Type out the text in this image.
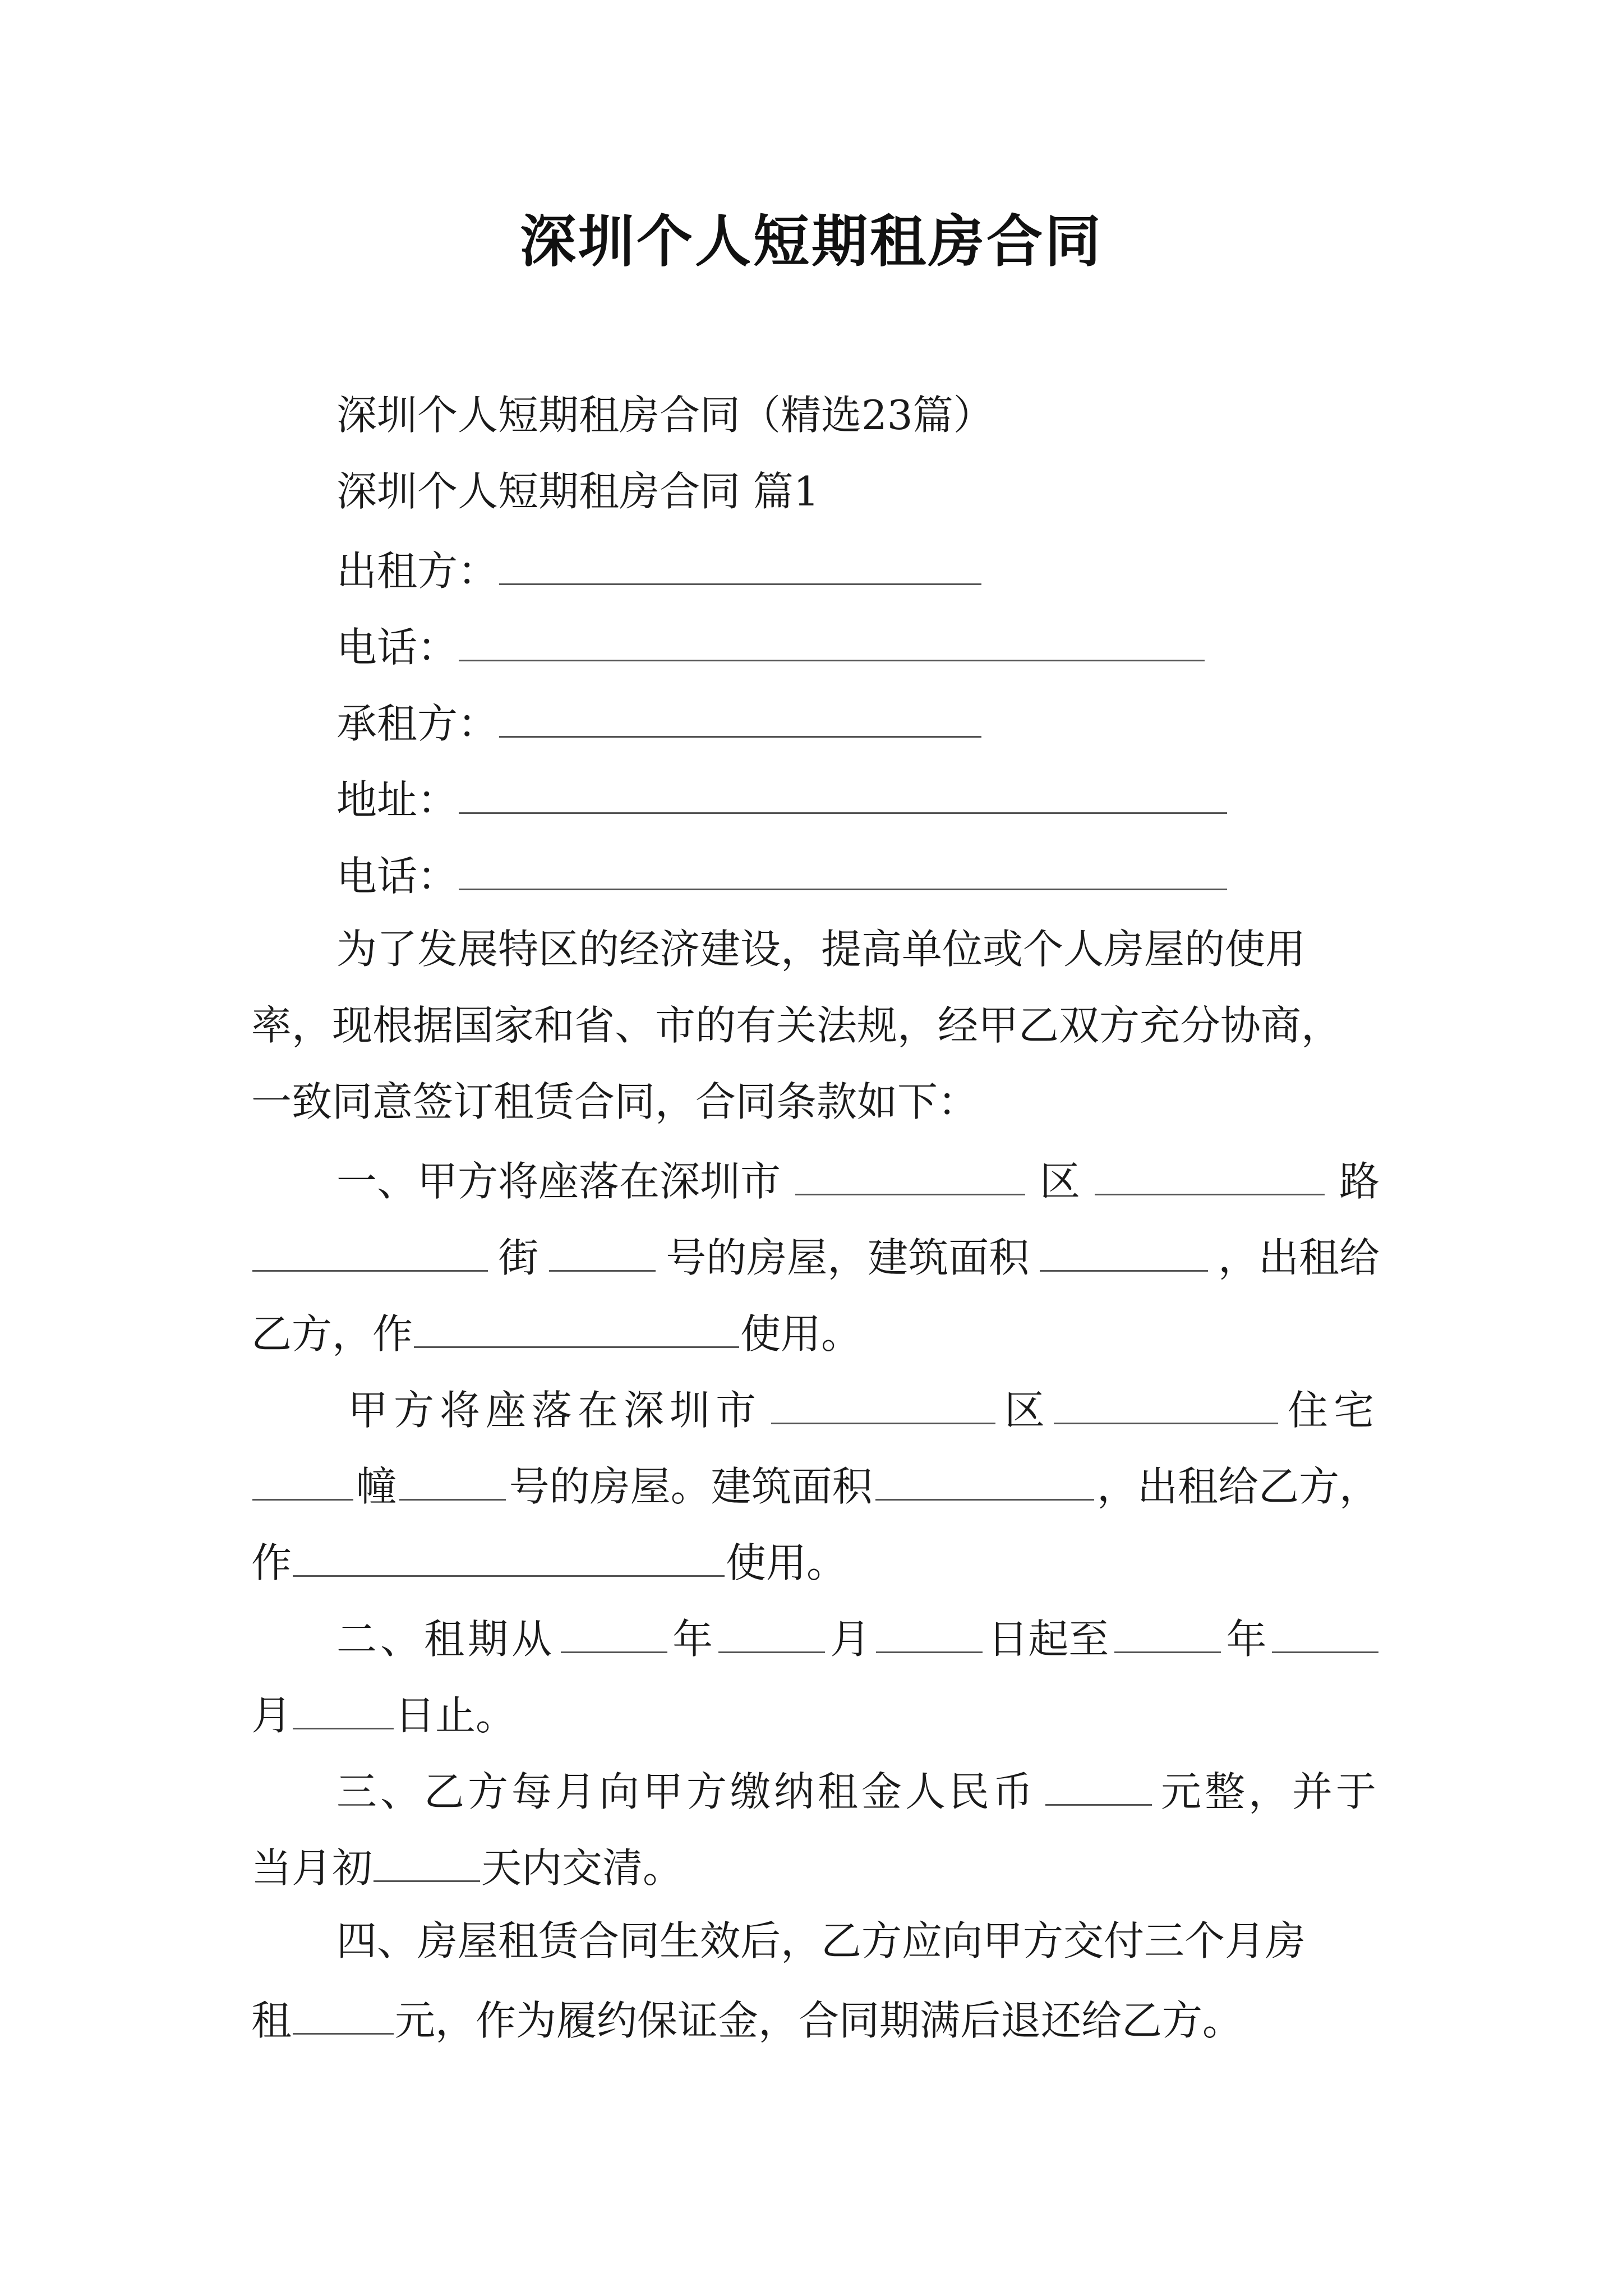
深圳个人短期租房合同
深圳个人短期租房合同（精选23篇）
深圳个人短期租房合同 篇1
出租方：
电话：
承租方：
地址：
电话：
为了发展特区的经济建设，提高单位或个人房屋的使用
率，现根据国家和省、市的有关法规，经甲乙双方充分协商，
一致同意签订租赁合同，合同条款如下：
一、甲方将座落在深圳市	区	路
街	号的房屋，建筑面积	，出租给
乙方，作	使用。
甲方将座落在深圳市	区	住宅
幢	号的房屋。建筑面积	，出租给乙方，
作	使用。
二、租期从	年	月	日起至	年
月	日止。
三、乙方每月向甲方缴纳租金人民币	元整，并于
当月初	天内交清。
四、房屋租赁合同生效后，乙方应向甲方交付三个月房
租	元，作为履约保证金，合同期满后退还给乙方。
